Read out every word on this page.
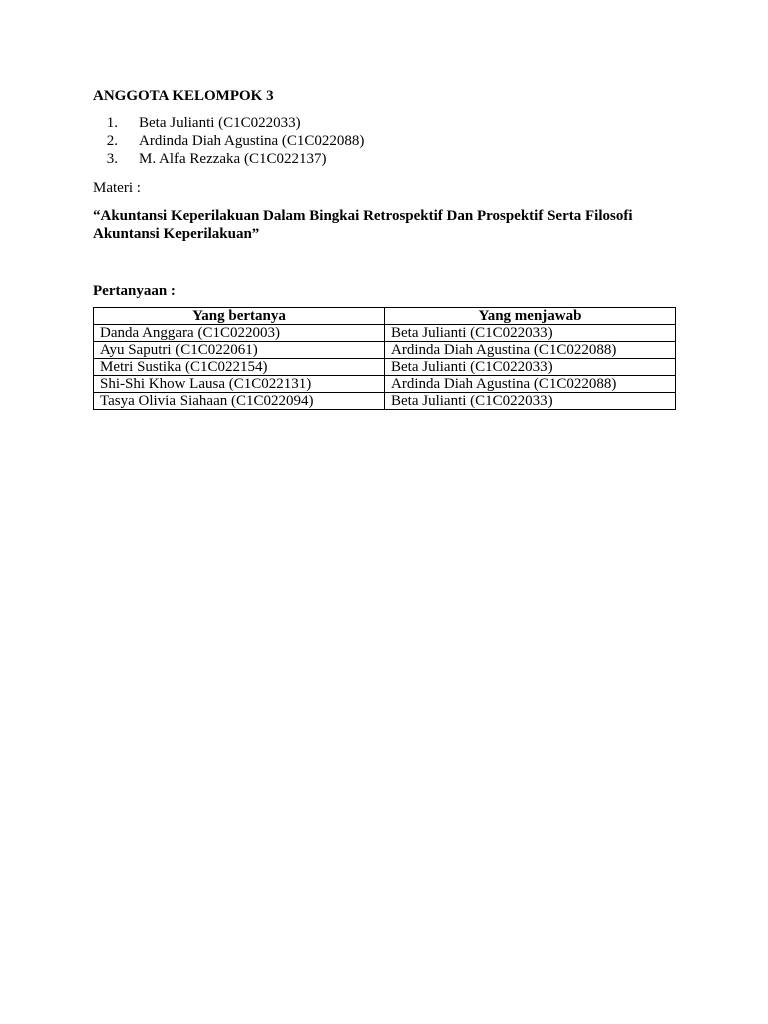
ANGGOTA KELOMPOK 3

1.	Beta Julianti (C1C022033)
2.	Ardinda Diah Agustina (C1C022088)
3.	M. Alfa Rezzaka (C1C022137)

Materi :

“Akuntansi Keperilakuan Dalam Bingkai Retrospektif Dan Prospektif Serta Filosofi Akuntansi Keperilakuan”

Pertanyaan :

Yang bertanya	Yang menjawab
Danda Anggara (C1C022003)	Beta Julianti (C1C022033)
Ayu Saputri (C1C022061)	Ardinda Diah Agustina (C1C022088)
Metri Sustika (C1C022154)	Beta Julianti (C1C022033)
Shi-Shi Khow Lausa (C1C022131)	Ardinda Diah Agustina (C1C022088)
Tasya Olivia Siahaan (C1C022094)	Beta Julianti (C1C022033)
